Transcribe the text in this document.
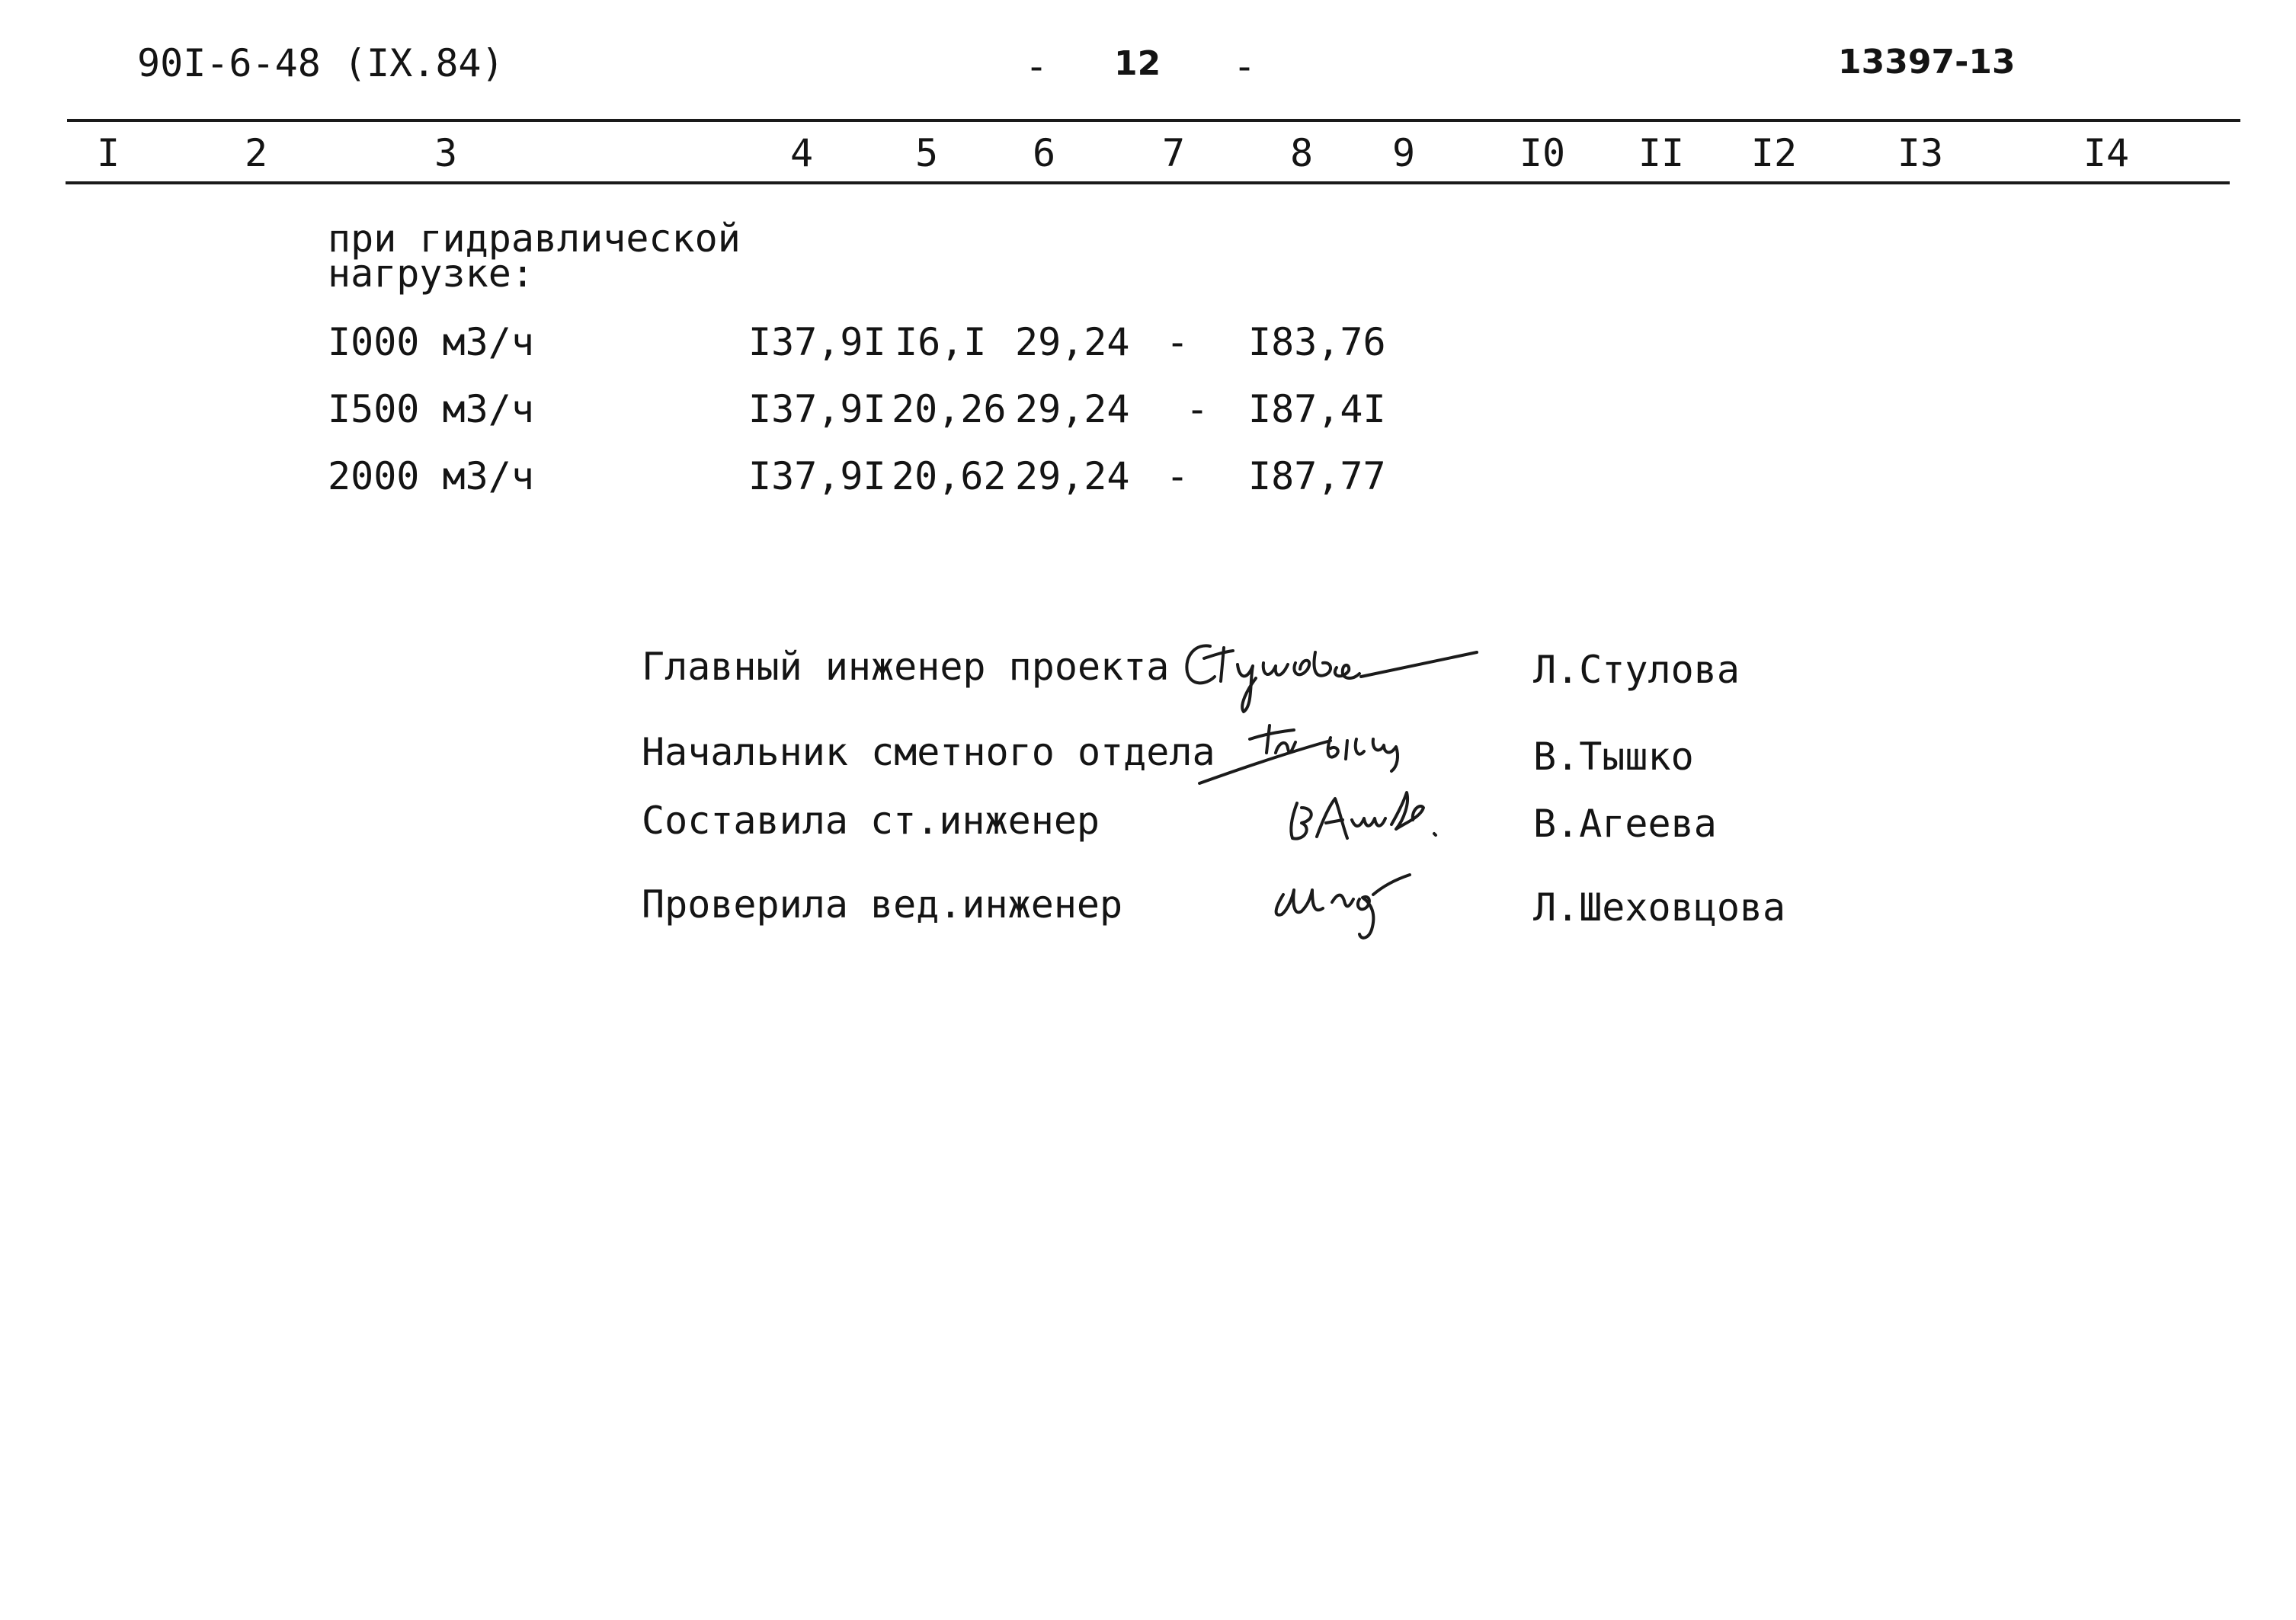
90I-6-48 (IX.84)	- 12 -	13397-13
I	2	3	4	5 6	7	8 9	I0 II I2	I3	I4
при гидравлической
нагрузке:
I000 м3/ч	I37,9I I6,I 29,24 - I83,76
I500 м3/ч	I37,9I 20,26 29,24 - I87,4I
2000 м3/ч	I37,9I 20,62 29,24 - I87,77
Главный инженер проекта	Л.Стулова
Начальник сметного отдела	В.Тышко
Составила ст.инженер	В.Агеева
Проверила вед.инженер	Л.Шеховцова
